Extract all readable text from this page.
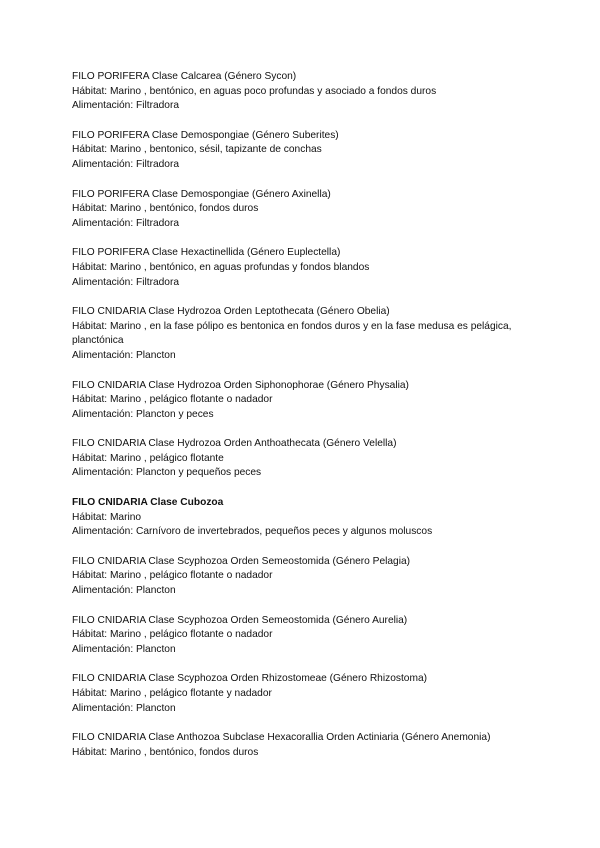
FILO PORIFERA Clase Calcarea (Género Sycon)
Hábitat: Marino , bentónico, en aguas poco profundas y asociado a fondos duros
Alimentación: Filtradora
FILO PORIFERA Clase Demospongiae (Género Suberites)
Hábitat: Marino , bentonico, sésil, tapizante de conchas
Alimentación: Filtradora
FILO PORIFERA Clase Demospongiae (Género Axinella)
Hábitat: Marino , bentónico, fondos duros
Alimentación: Filtradora
FILO PORIFERA Clase Hexactinellida (Género Euplectella)
Hábitat: Marino , bentónico, en aguas profundas y fondos blandos
Alimentación: Filtradora
FILO CNIDARIA Clase Hydrozoa Orden Leptothecata (Género Obelia)
Hábitat: Marino , en la fase pólipo es bentonica en fondos duros y en la fase medusa es pelágica, planctónica
Alimentación: Plancton
FILO CNIDARIA Clase Hydrozoa Orden Siphonophorae (Género Physalia)
Hábitat: Marino , pelágico flotante o nadador
Alimentación: Plancton y peces
FILO CNIDARIA Clase Hydrozoa Orden Anthoathecata (Género Velella)
Hábitat: Marino , pelágico flotante
Alimentación: Plancton y pequeños peces
FILO CNIDARIA Clase Cubozoa
Hábitat: Marino
Alimentación: Carnívoro de invertebrados, pequeños peces y algunos moluscos
FILO CNIDARIA Clase Scyphozoa Orden Semeostomida (Género Pelagia)
Hábitat: Marino , pelágico flotante o nadador
Alimentación: Plancton
FILO CNIDARIA Clase Scyphozoa Orden Semeostomida (Género Aurelia)
Hábitat: Marino , pelágico flotante o nadador
Alimentación: Plancton
FILO CNIDARIA Clase Scyphozoa Orden Rhizostomeae (Género Rhizostoma)
Hábitat: Marino , pelágico flotante y nadador
Alimentación: Plancton
FILO CNIDARIA Clase Anthozoa Subclase Hexacorallia Orden Actiniaria (Género Anemonia)
Hábitat: Marino , bentónico, fondos duros
